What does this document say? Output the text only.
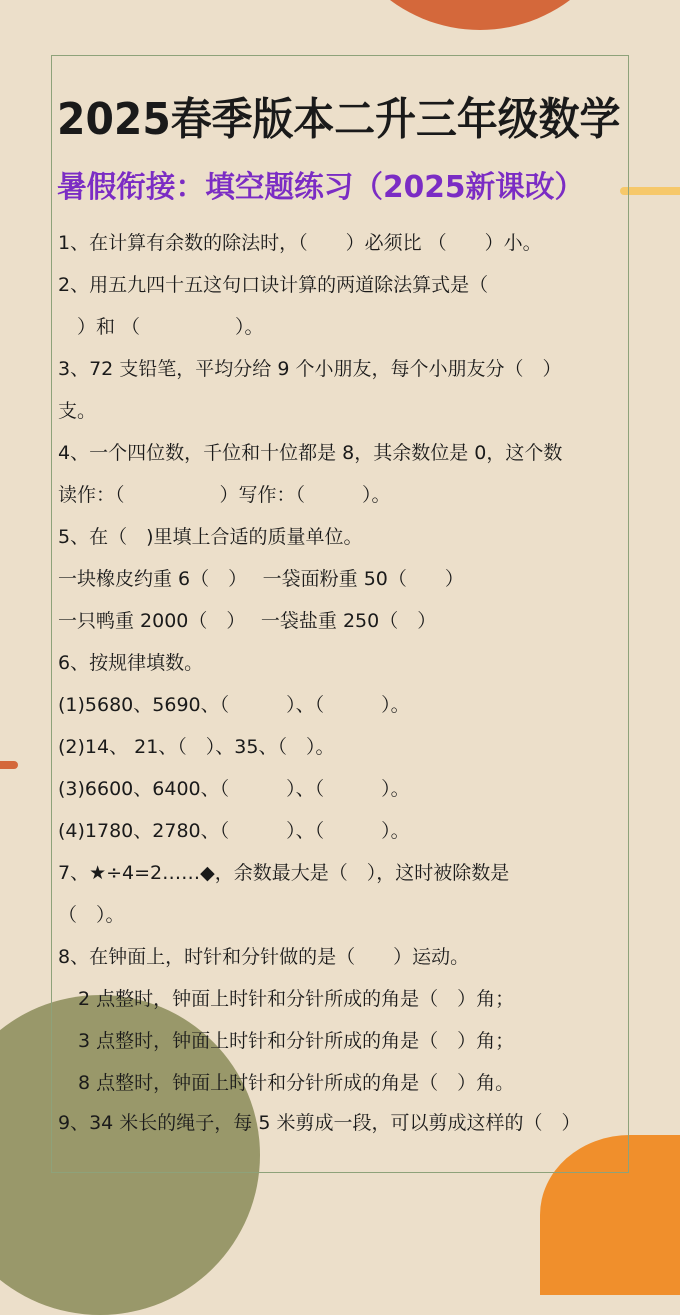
2025春季版本二升三年级数学
暑假衔接：填空题练习（2025新课改）
1、在计算有余数的除法时，（　　）必须比 （　　）小。
2、用五九四十五这句口诀计算的两道除法算式是（
　）和 （　　　　　）。
3、72 支铅笔，平均分给 9 个小朋友，每个小朋友分（　）
支。
4、一个四位数，千位和十位都是 8，其余数位是 0，这个数
读作：（　　　　　）写作：（　　　）。
5、在（　)里填上合适的质量单位。
一块橡皮约重 6（　）　 一袋面粉重 50（　　）
一只鸭重 2000（　）　 一袋盐重 250（　）
6、按规律填数。
(1)5680、5690、（　　　）、（　　　）。
(2)14、 21、（　）、35、（　）。
(3)6600、6400、（　　　）、（　　　）。
(4)1780、2780、（　　　）、（　　　）。
7、★÷4=2……◆，余数最大是（　），这时被除数是
（　）。
8、在钟面上，时针和分针做的是（　　）运动。
2 点整时，钟面上时针和分针所成的角是（　）角；
3 点整时，钟面上时针和分针所成的角是（　）角；
8 点整时，钟面上时针和分针所成的角是（　）角。
9、34 米长的绳子，每 5 米剪成一段，可以剪成这样的（　）
